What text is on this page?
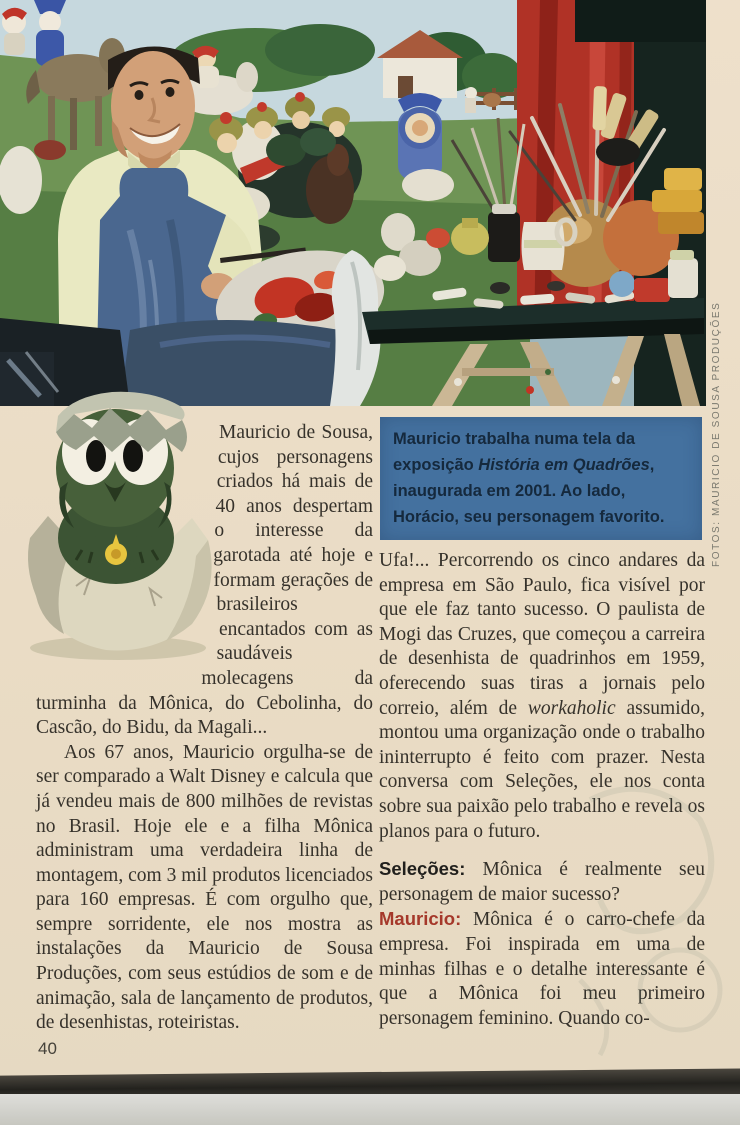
FOTOS: MAURICIO DE SOUSA PRODUÇÕES
Mauricio trabalha numa tela da exposição História em Quadrões, inaugurada em 2001. Ao lado, Horácio, seu personagem favorito.

Mauricio de Sousa, cujos personagens criados há mais de 40 anos despertam o interesse da garotada até hoje e formam gerações de brasileiros encantados com as saudáveis molecagens da turminha da Mônica, do Cebolinha, do Cascão, do Bidu, da Magali...

Aos 67 anos, Mauricio orgulha-se de ser comparado a Walt Disney e calcula que já vendeu mais de 800 milhões de revistas no Brasil. Hoje ele e a filha Mônica administram uma verdadeira linha de montagem, com 3 mil produtos licenciados para 160 empresas. É com orgulho que, sempre sorridente, ele nos mostra as instalações da Mauricio de Sousa Produções, com seus estúdios de som e de animação, sala de lançamento de produtos, de desenhistas, roteiristas.

Ufa!... Percorrendo os cinco andares da empresa em São Paulo, fica visível por que ele faz tanto sucesso. O paulista de Mogi das Cruzes, que começou a carreira de desenhista de quadrinhos em 1959, oferecendo suas tiras a jornais pelo correio, além de workaholic assumido, montou uma organização onde o trabalho ininterrupto é feito com prazer. Nesta conversa com Seleções, ele nos conta sobre sua paixão pelo trabalho e revela os planos para o futuro.

Seleções: Mônica é realmente seu personagem de maior sucesso?

Mauricio: Mônica é o carro-chefe da empresa. Foi inspirada em uma de minhas filhas e o detalhe interessante é que a Mônica foi meu primeiro personagem feminino. Quando co-

40
